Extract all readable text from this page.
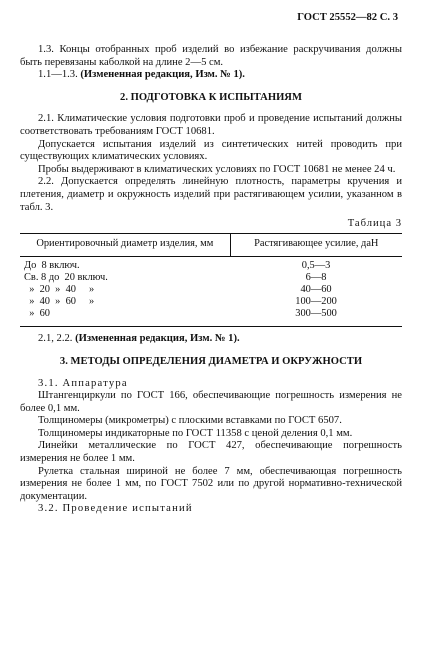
ГОСТ 25552—82 С. 3

1.3. Концы отобранных проб изделий во избежание раскручивания должны быть перевязаны каболкой на длине 2—5 см.

1.1—1.3. (Измененная редакция, Изм. № 1).

2. ПОДГОТОВКА К ИСПЫТАНИЯМ

2.1. Климатические условия подготовки проб и проведение испытаний должны соответствовать требованиям ГОСТ 10681.

Допускается испытания изделий из синтетических нитей проводить при существующих климатических условиях.

Пробы выдерживают в климатических условиях по ГОСТ 10681 не менее 24 ч.

2.2. Допускается определять линейную плотность, параметры кручения и плетения, диаметр и окружность изделий при растягивающем усилии, указанном в табл. 3.

Таблица 3
Ориентировочный диаметр изделия, мм	Растягивающее усилие, даН
До  8 включ.	0,5—3
Св. 8 до  20 включ.	6—8
»  20  »  40     »	40—60
»  40  »  60     »	100—200
»  60	300—500

2.1, 2.2. (Измененная редакция, Изм. № 1).

3. МЕТОДЫ ОПРЕДЕЛЕНИЯ ДИАМЕТРА И ОКРУЖНОСТИ

3.1. Аппаратура

Штангенциркули по ГОСТ 166, обеспечивающие погрешность измерения не более 0,1 мм.

Толщиномеры (микрометры) с плоскими вставками по ГОСТ 6507.

Толщиномеры индикаторные по ГОСТ 11358 с ценой деления 0,1 мм.

Линейки металлические по ГОСТ 427, обеспечивающие погрешность измерения не более 1 мм.

Рулетка стальная шириной не более 7 мм, обеспечивающая погрешность измерения не более 1 мм, по ГОСТ 7502 или по другой нормативно-технической документации.

3.2. Проведение испытаний
